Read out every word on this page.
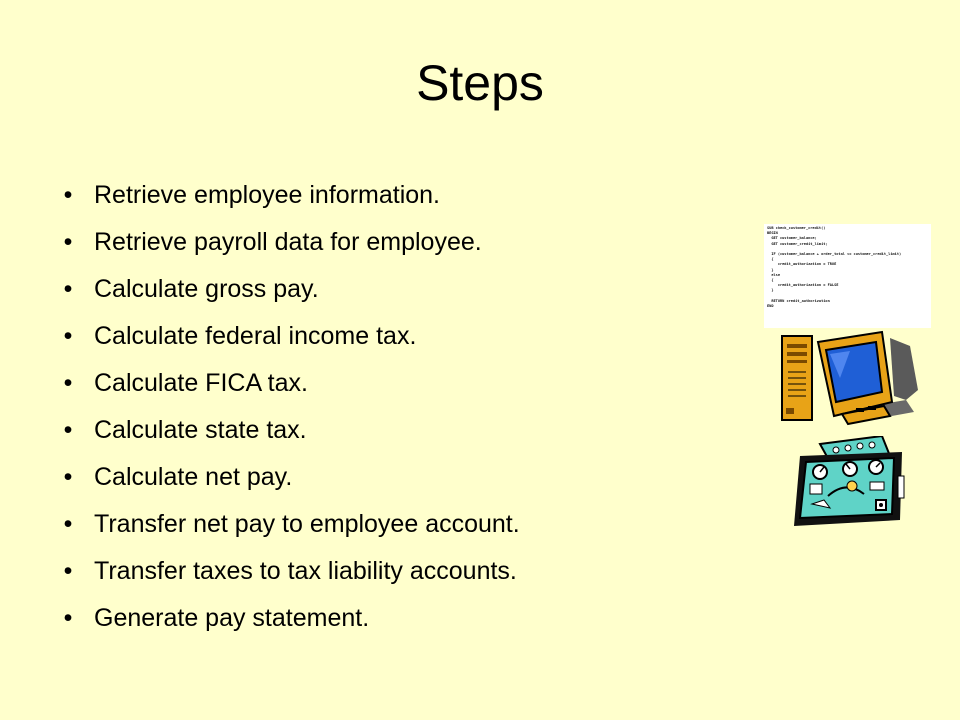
Steps
• Retrieve employee information.
• Retrieve payroll data for employee.
• Calculate gross pay.
• Calculate federal income tax.
• Calculate FICA tax.
• Calculate state tax.
• Calculate net pay.
• Transfer net pay to employee account.
• Transfer taxes to tax liability accounts.
• Generate pay statement.
SUB check_customer_credit()
BEGIN
GET customer_balance;
GET customer_credit_limit;

IF (customer_balance + order_total <= customer_credit_limit)
{
credit_authorization = TRUE
}
else
{
credit_authorization = FALSE
}

RETURN credit_authorization
END
